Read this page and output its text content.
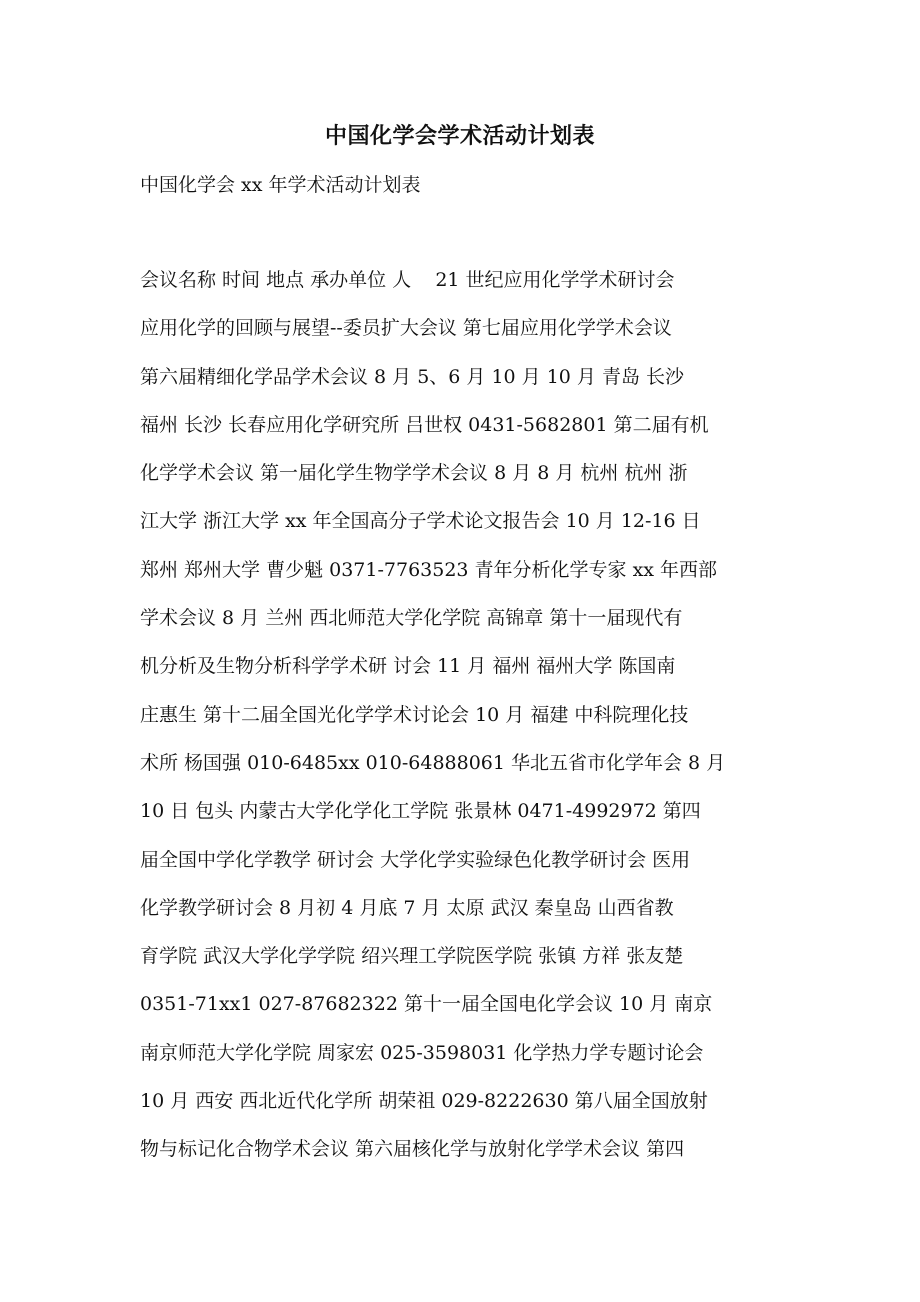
中国化学会学术活动计划表
中国化学会 xx 年学术活动计划表
会议名称 时间 地点 承办单位 人    21 世纪应用化学学术研讨会
应用化学的回顾与展望--委员扩大会议 第七届应用化学学术会议
第六届精细化学品学术会议 8 月 5、6 月 10 月 10 月 青岛 长沙
福州 长沙 长春应用化学研究所 吕世权 0431-5682801 第二届有机
化学学术会议 第一届化学生物学学术会议 8 月 8 月 杭州 杭州 浙
江大学 浙江大学 xx 年全国高分子学术论文报告会 10 月 12-16 日
郑州 郑州大学 曹少魁 0371-7763523 青年分析化学专家 xx 年西部
学术会议 8 月 兰州 西北师范大学化学院 高锦章 第十一届现代有
机分析及生物分析科学学术研 讨会 11 月 福州 福州大学 陈国南
庄惠生 第十二届全国光化学学术讨论会 10 月 福建 中科院理化技
术所 杨国强 010-6485xx 010-64888061 华北五省市化学年会 8 月
10 日 包头 内蒙古大学化学化工学院 张景林 0471-4992972 第四
届全国中学化学教学 研讨会 大学化学实验绿色化教学研讨会 医用
化学教学研讨会 8 月初 4 月底 7 月 太原 武汉 秦皇岛 山西省教
育学院 武汉大学化学学院 绍兴理工学院医学院 张镇 方祥 张友楚
0351-71xx1 027-87682322 第十一届全国电化学会议 10 月 南京
南京师范大学化学院 周家宏 025-3598031 化学热力学专题讨论会
10 月 西安 西北近代化学所 胡荣祖 029-8222630 第八届全国放射
物与标记化合物学术会议 第六届核化学与放射化学学术会议 第四
